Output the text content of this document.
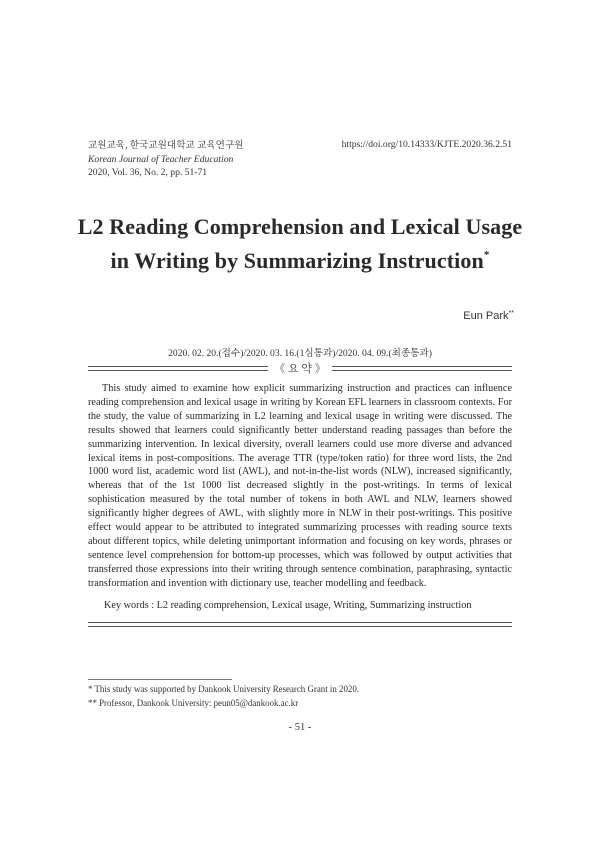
교원교육, 한국교원대학교 교육연구원
Korean Journal of Teacher Education
2020, Vol. 36, No. 2, pp. 51-71
https://doi.org/10.14333/KJTE.2020.36.2.51
L2 Reading Comprehension and Lexical Usage
in Writing by Summarizing Instruction*
Eun Park**
2020. 02. 20.(접수)/2020. 03. 16.(1심통과)/2020. 04. 09.(최종통과)
《 요 약 》

This study aimed to examine how explicit summarizing instruction and practices can influence reading comprehension and lexical usage in writing by Korean EFL learners in classroom contexts. For the study, the value of summarizing in L2 learning and lexical usage in writing were discussed. The results showed that learners could significantly better understand reading passages than before the summarizing intervention. In lexical diversity, overall learners could use more diverse and advanced lexical items in post-compositions. The average TTR (type/token ratio) for three word lists, the 2nd 1000 word list, academic word list (AWL), and not-in-the-list words (NLW), increased significantly, whereas that of the 1st 1000 list decreased slightly in the post-writings. In terms of lexical sophistication measured by the total number of tokens in both AWL and NLW, learners showed significantly higher degrees of AWL, with slightly more in NLW in their post-writings. This positive effect would appear to be attributed to integrated summarizing processes with reading source texts about different topics, while deleting unimportant information and focusing on key words, phrases or sentence level comprehension for bottom-up processes, which was followed by output activities that transferred those expressions into their writing through sentence combination, paraphrasing, syntactic transformation and invention with dictionary use, teacher modelling and feedback.

Key words : L2 reading comprehension, Lexical usage, Writing, Summarizing instruction
* This study was supported by Dankook University Research Grant in 2020.
** Professor, Dankook University: peun05@dankook.ac.kr
- 51 -
